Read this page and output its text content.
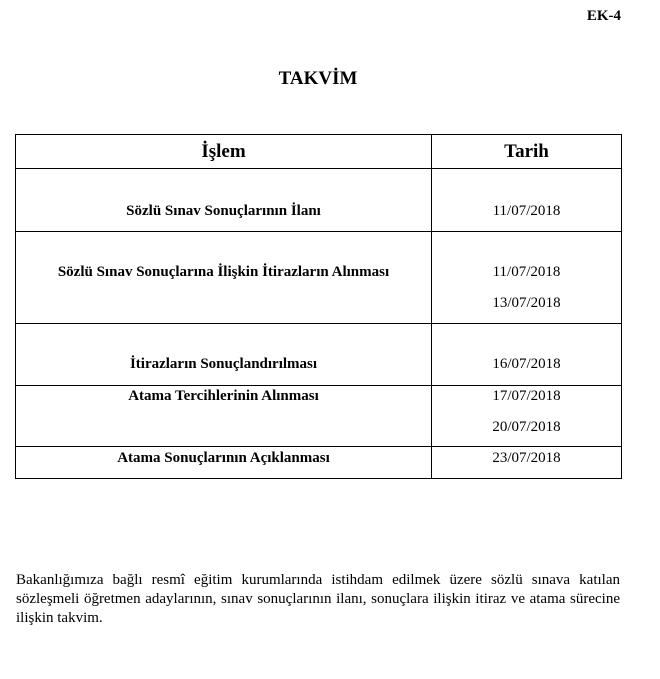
EK-4
TAKVİM
İşlem	Tarih

Sözlü Sınav Sonuçlarının İlanı	11/07/2018

Sözlü Sınav Sonuçlarına İlişkin İtirazların Alınması	11/07/2018
13/07/2018

İtirazların Sonuçlandırılması	16/07/2018

Atama Tercihlerinin Alınması	17/07/2018
20/07/2018

Atama Sonuçlarının Açıklanması	23/07/2018
Bakanlığımıza bağlı resmî eğitim kurumlarında istihdam edilmek üzere sözlü sınava katılan sözleşmeli öğretmen adaylarının, sınav sonuçlarının ilanı, sonuçlara ilişkin itiraz ve atama sürecine ilişkin takvim.
